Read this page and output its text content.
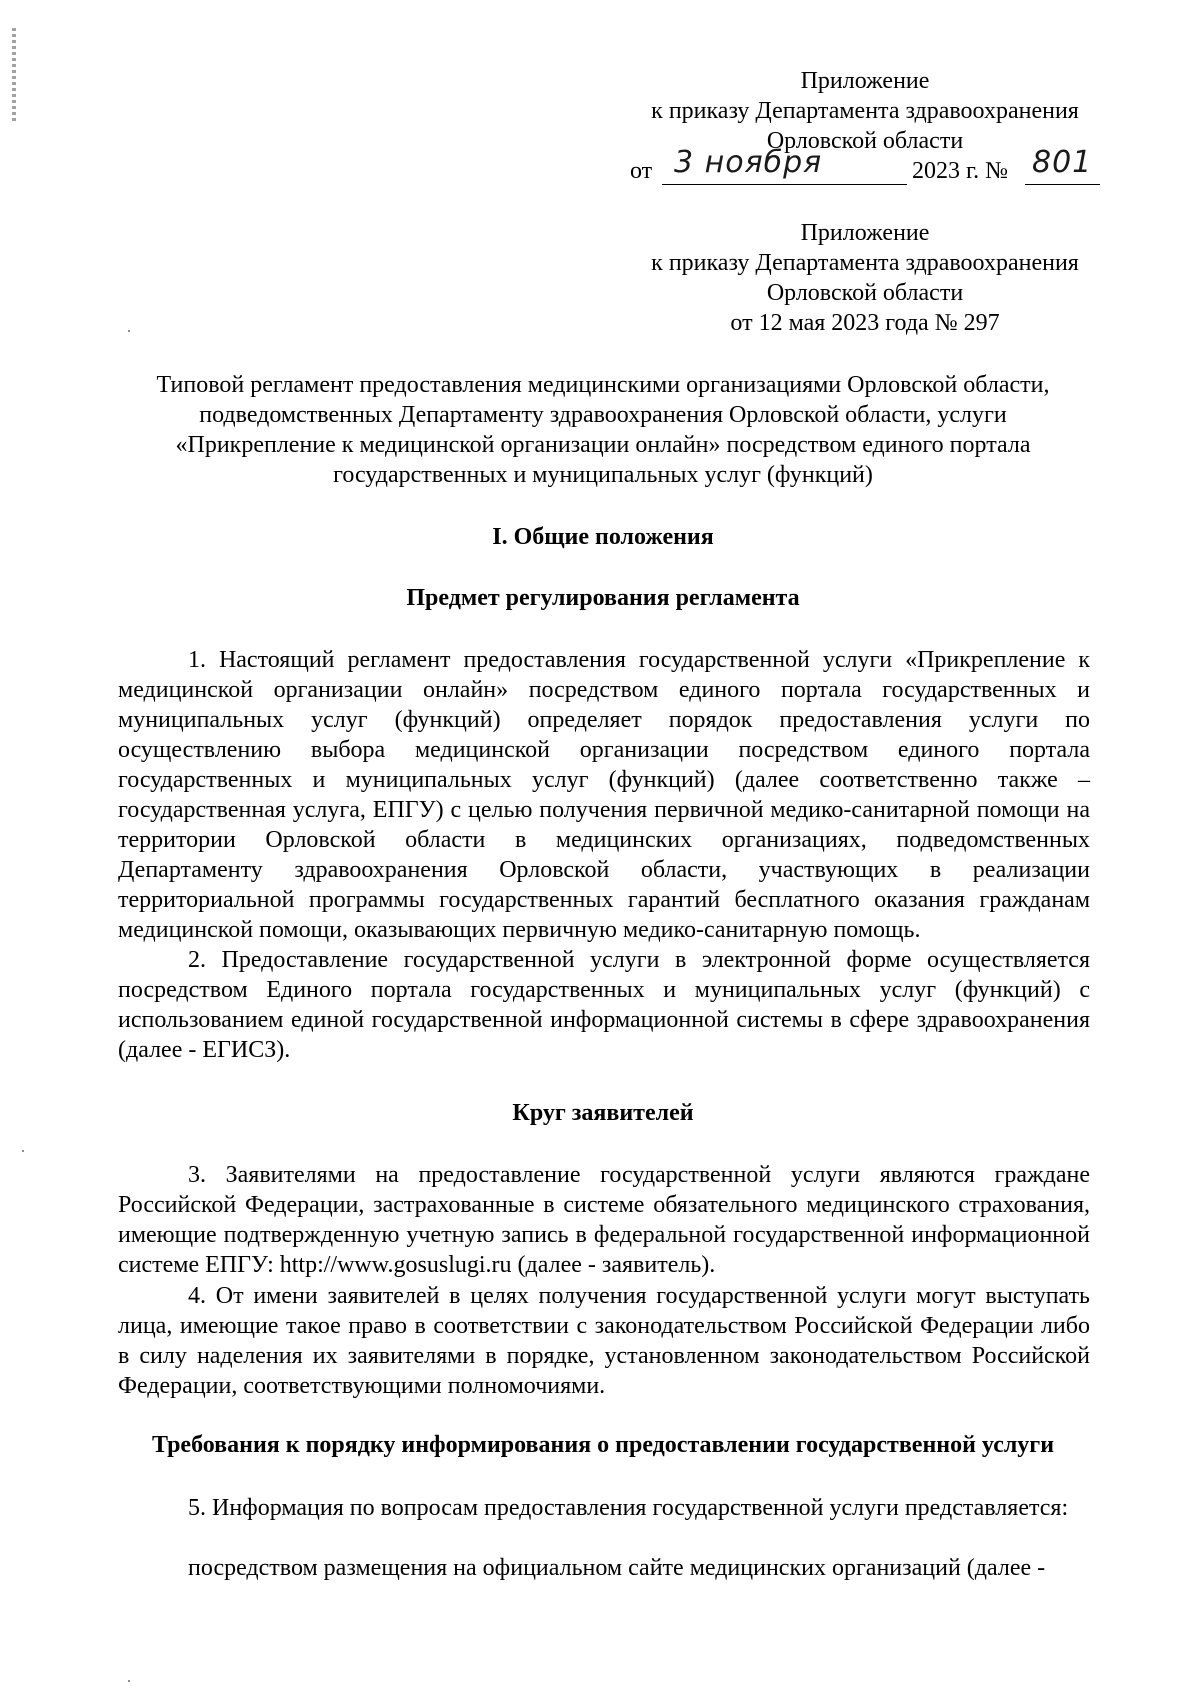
Приложение
к приказу Департамента здравоохранения
Орловской области
от 3 ноября	2023 г. № 801
Приложение
к приказу Департамента здравоохранения
Орловской области
от 12 мая 2023 года № 297
Типовой регламент предоставления медицинскими организациями Орловской области, подведомственных Департаменту здравоохранения Орловской области, услуги «Прикрепление к медицинской организации онлайн» посредством единого портала государственных и муниципальных услуг (функций)
I. Общие положения
Предмет регулирования регламента
1. Настоящий регламент предоставления государственной услуги «Прикрепление к медицинской организации онлайн» посредством единого портала государственных и муниципальных услуг (функций) определяет порядок предоставления услуги по осуществлению выбора медицинской организации посредством единого портала государственных и муниципальных услуг (функций) (далее соответственно также – государственная услуга, ЕПГУ) с целью получения первичной медико-санитарной помощи на территории Орловской области в медицинских организациях, подведомственных Департаменту здравоохранения Орловской области, участвующих в реализации территориальной программы государственных гарантий бесплатного оказания гражданам медицинской помощи, оказывающих первичную медико-санитарную помощь.
2. Предоставление государственной услуги в электронной форме осуществляется посредством Единого портала государственных и муниципальных услуг (функций) с использованием единой государственной информационной системы в сфере здравоохранения (далее - ЕГИСЗ).
Круг заявителей
3. Заявителями на предоставление государственной услуги являются граждане Российской Федерации, застрахованные в системе обязательного медицинского страхования, имеющие подтвержденную учетную запись в федеральной государственной информационной системе ЕПГУ: http://www.gosuslugi.ru (далее - заявитель).
4. От имени заявителей в целях получения государственной услуги могут выступать лица, имеющие такое право в соответствии с законодательством Российской Федерации либо в силу наделения их заявителями в порядке, установленном законодательством Российской Федерации, соответствующими полномочиями.
Требования к порядку информирования о предоставлении государственной услуги
5. Информация по вопросам предоставления государственной услуги представляется:
посредством размещения на официальном сайте медицинских организаций (далее -
